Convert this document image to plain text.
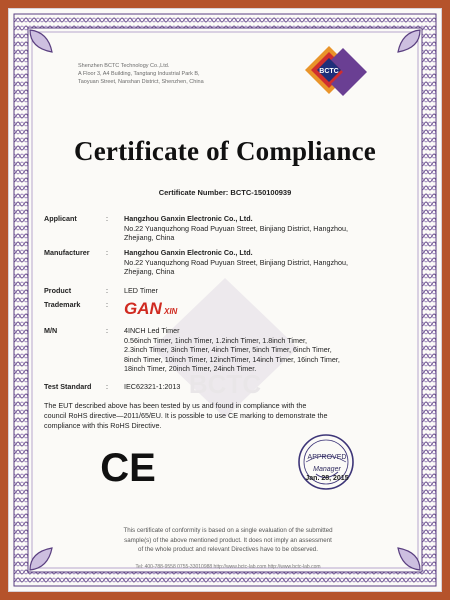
BCTC
Shenzhen BCTC Technology Co.,Ltd.
A Floor 3, A4 Building, Tangtang Industrial Park B,
Taoyuan Street, Nanshan District, Shenzhen, China
BCTC
Certificate of Compliance
Certificate Number: BCTC-150100939
Applicant	:	Hangzhou Ganxin Electronic Co., Ltd.
No.22 Yuanquzhong Road Puyuan Street, Binjiang District, Hangzhou,
Zhejiang, China
Manufacturer	:	Hangzhou Ganxin Electronic Co., Ltd.
No.22 Yuanquzhong Road Puyuan Street, Binjiang District, Hangzhou,
Zhejiang, China
Product	:	LED Timer
Trademark	: GAN XIN
M/N	:	4INCH Led Timer
0.56inch Timer, 1inch Timer, 1.2inch Timer, 1.8inch Timer,
2.3inch Timer, 3inch Timer, 4inch Timer, 5inch Timer, 6inch Timer,
8inch Timer, 10inch Timer, 12inchTimer, 14inch Timer, 16inch Timer,
18inch Timer, 20inch Timer, 24inch Timer.
Test Standard	:	IEC62321-1:2013
The EUT described above has been tested by us and found in compliance with the
council RoHS directive—2011/65/EU. It is possible to use CE marking to demonstrate the
compliance with this RoHS Directive.
CE	APPROVED
Manager
Jan. 28, 2015
This certificate of conformity is based on a single evaluation of the submitted
sample(s) of the above mentioned product. It does not imply an assessment
of the whole product and relevant Directives have to be observed.
Tel: 400-788-9558 0755-33010988 http://www.bctc-lab.com http://www.bctc-lab.com
